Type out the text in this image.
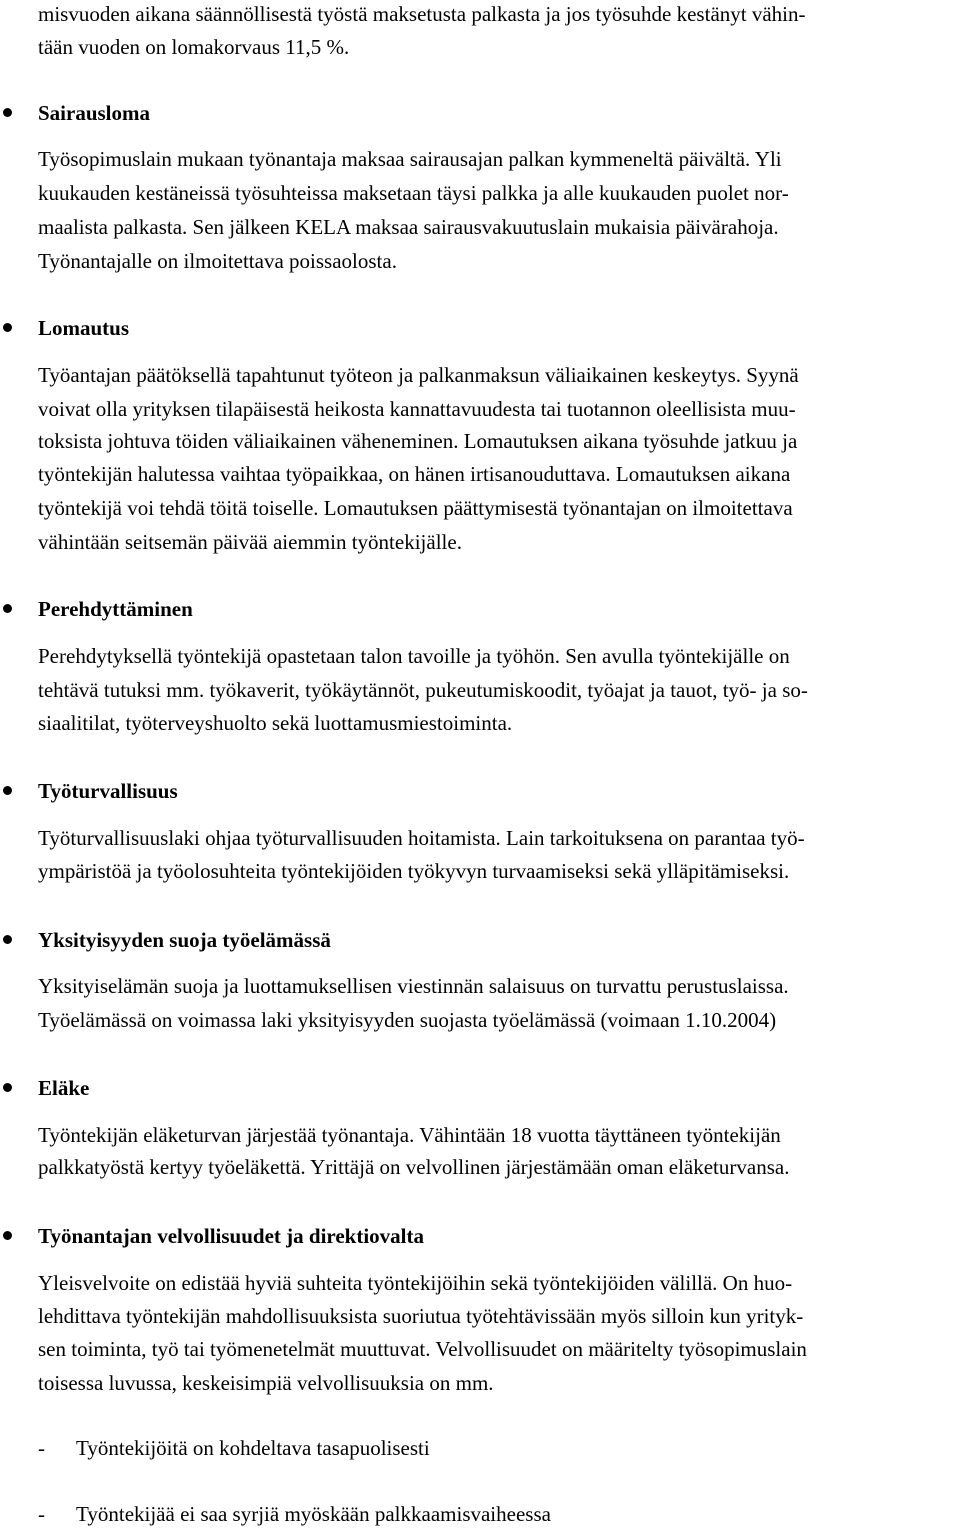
misvuoden aikana säännöllisestä työstä maksetusta palkasta ja jos työsuhde kestänyt vähin-
tään vuoden on lomakorvaus 11,5 %.
Sairausloma
Työsopimuslain mukaan työnantaja maksaa sairausajan palkan kymmeneltä päivältä. Yli
kuukauden kestäneissä työsuhteissa maksetaan täysi palkka ja alle kuukauden puolet nor-
maalista palkasta. Sen jälkeen KELA maksaa sairausvakuutuslain mukaisia päivärahoja.
Työnantajalle on ilmoitettava poissaolosta.
Lomautus
Työantajan päätöksellä tapahtunut työteon ja palkanmaksun väliaikainen keskeytys. Syynä
voivat olla yrityksen tilapäisestä heikosta kannattavuudesta tai tuotannon oleellisista muu-
toksista johtuva töiden väliaikainen väheneminen. Lomautuksen aikana työsuhde jatkuu ja
työntekijän halutessa vaihtaa työpaikkaa, on hänen irtisanouduttava. Lomautuksen aikana
työntekijä voi tehdä töitä toiselle. Lomautuksen päättymisestä työnantajan on ilmoitettava
vähintään seitsemän päivää aiemmin työntekijälle.
Perehdyttäminen
Perehdytyksellä työntekijä opastetaan talon tavoille ja työhön. Sen avulla työntekijälle on
tehtävä tutuksi mm. työkaverit, työkäytännöt, pukeutumiskoodit, työajat ja tauot, työ- ja so-
siaalitilat, työterveyshuolto sekä luottamusmiestoiminta.
Työturvallisuus
Työturvallisuuslaki ohjaa työturvallisuuden hoitamista. Lain tarkoituksena on parantaa työ-
ympäristöä ja työolosuhteita työntekijöiden työkyvyn turvaamiseksi sekä ylläpitämiseksi.
Yksityisyyden suoja työelämässä
Yksityiselämän suoja ja luottamuksellisen viestinnän salaisuus on turvattu perustuslaissa.
Työelämässä on voimassa laki yksityisyyden suojasta työelämässä (voimaan 1.10.2004)
Eläke
Työntekijän eläketurvan järjestää työnantaja. Vähintään 18 vuotta täyttäneen työntekijän
palkkatyöstä kertyy työeläkettä. Yrittäjä on velvollinen järjestämään oman eläketurvansa.
Työnantajan velvollisuudet ja direktiovalta
Yleisvelvoite on edistää hyviä suhteita työntekijöihin sekä työntekijöiden välillä. On huo-
lehdittava työntekijän mahdollisuuksista suoriutua työtehtävissään myös silloin kun yrityk-
sen toiminta, työ tai työmenetelmät muuttuvat. Velvollisuudet on määritelty työsopimuslain
toisessa luvussa, keskeisimpiä velvollisuuksia on mm.
- Työntekijöitä on kohdeltava tasapuolisesti
- Työntekijää ei saa syrjiä myöskään palkkaamisvaiheessa
